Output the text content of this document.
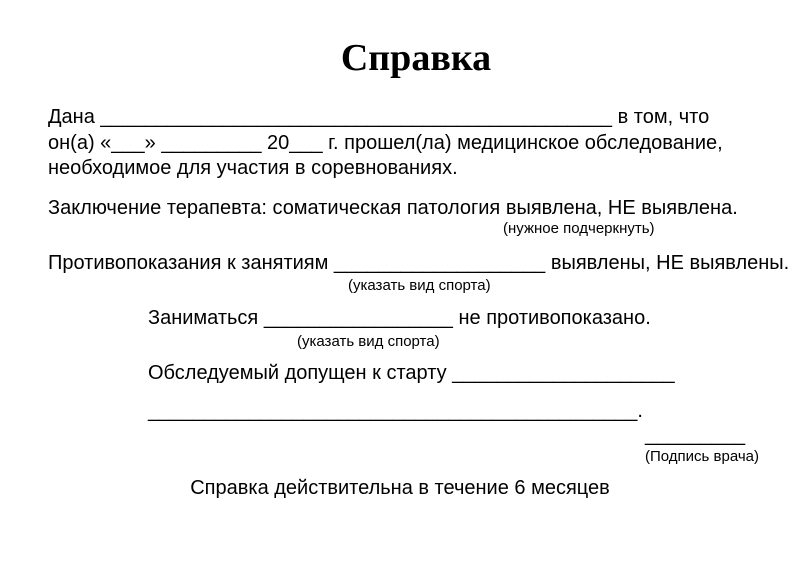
Справка
Дана ______________________________________________ в том, что
он(а) «___» _________ 20___ г. прошел(ла) медицинское обследование,
необходимое для участия в соревнованиях.
Заключение терапевта: соматическая патология выявлена, НЕ выявлена.
(нужное подчеркнуть)
Противопоказания к занятиям ___________________ выявлены, НЕ выявлены.
(указать вид спорта)
Заниматься _________________ не противопоказано.
(указать вид спорта)
Обследуемый допущен к старту ____________________
____________________________________________.
_________
(Подпись врача)
Справка действительна в течение 6 месяцев
